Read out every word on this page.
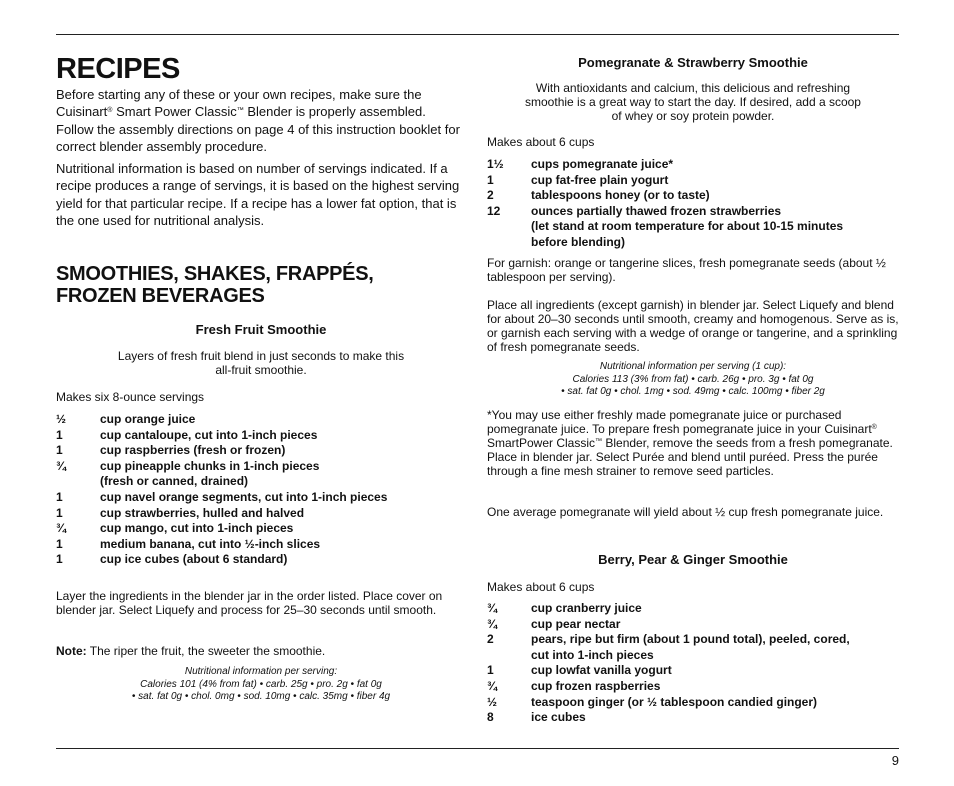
RECIPES

Before starting any of these or your own recipes, make sure the Cuisinart® Smart Power Classic™ Blender is properly assembled. Follow the assembly directions on page 4 of this instruction booklet for correct blender assembly procedure.

Nutritional information is based on number of servings indicated. If a recipe produces a range of servings, it is based on the highest serving yield for that particular recipe. If a recipe has a lower fat option, that is the one used for nutritional analysis.

SMOOTHIES, SHAKES, FRAPPÉS,
FROZEN BEVERAGES
Fresh Fruit Smoothie
Layers of fresh fruit blend in just seconds to make this
all-fruit smoothie.
Makes six 8-ounce servings
½	cup orange juice
1	cup cantaloupe, cut into 1-inch pieces
1	cup raspberries (fresh or frozen)
¾	cup pineapple chunks in 1-inch pieces
(fresh or canned, drained)
1	cup navel orange segments, cut into 1-inch pieces
1	cup strawberries, hulled and halved
¾	cup mango, cut into 1-inch pieces
1	medium banana, cut into ½-inch slices
1	cup ice cubes (about 6 standard)
Layer the ingredients in the blender jar in the order listed. Place cover on blender jar. Select Liquefy and process for 25–30 seconds until smooth.
Note: The riper the fruit, the sweeter the smoothie.
Nutritional information per serving:
Calories 101 (4% from fat) • carb. 25g • pro. 2g • fat 0g
• sat. fat 0g • chol. 0mg • sod. 10mg • calc. 35mg • fiber 4g
Pomegranate & Strawberry Smoothie
With antioxidants and calcium, this delicious and refreshing
smoothie is a great way to start the day. If desired, add a scoop
of whey or soy protein powder.
Makes about 6 cups
1½	cups pomegranate juice*
1	cup fat-free plain yogurt
2	tablespoons honey (or to taste)
12	ounces partially thawed frozen strawberries
(let stand at room temperature for about 10-15 minutes
before blending)
For garnish: orange or tangerine slices, fresh pomegranate seeds (about ½ tablespoon per serving).
Place all ingredients (except garnish) in blender jar. Select Liquefy and blend for about 20–30 seconds until smooth, creamy and homogenous. Serve as is, or garnish each serving with a wedge of orange or tangerine, and a sprinkling of fresh pomegranate seeds.
Nutritional information per serving (1 cup):
Calories 113 (3% from fat) • carb. 26g • pro. 3g • fat 0g
• sat. fat 0g • chol. 1mg • sod. 49mg • calc. 100mg • fiber 2g
*You may use either freshly made pomegranate juice or purchased pomegranate juice. To prepare fresh pomegranate juice in your Cuisinart® SmartPower Classic™ Blender, remove the seeds from a fresh pomegranate. Place in blender jar. Select Purée and blend until puréed. Press the purée through a fine mesh strainer to remove seed particles.
One average pomegranate will yield about ½ cup fresh pomegranate juice.
Berry, Pear & Ginger Smoothie
Makes about 6 cups
¾	cup cranberry juice
¾	cup pear nectar
2	pears, ripe but firm (about 1 pound total), peeled, cored,
cut into 1-inch pieces
1	cup lowfat vanilla yogurt
¾	cup frozen raspberries
½	teaspoon ginger (or ½ tablespoon candied ginger)
8	ice cubes
9
